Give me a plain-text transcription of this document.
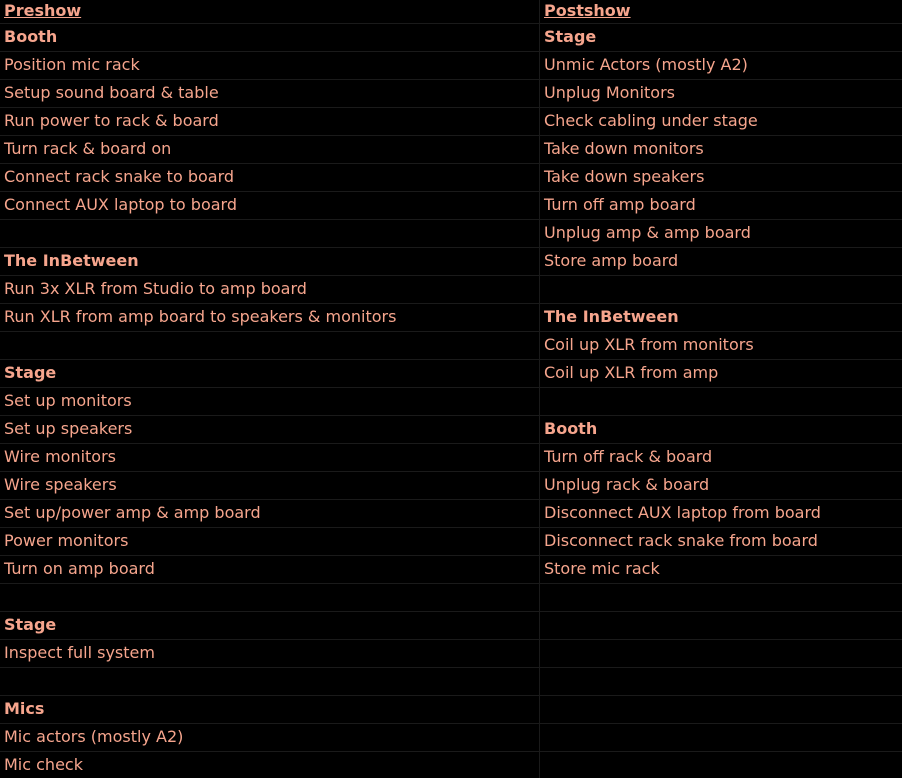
Preshow
Booth
Position mic rack
Setup sound board & table
Run power to rack & board
Turn rack & board on
Connect rack snake to board
Connect AUX laptop to board
The InBetween
Run 3x XLR from Studio to amp board
Run XLR from amp board to speakers & monitors
Stage
Set up monitors
Set up speakers
Wire monitors
Wire speakers
Set up/power amp & amp board
Power monitors
Turn on amp board
Stage
Inspect full system
Mics
Mic actors (mostly A2)
Mic check
Postshow
Stage
Unmic Actors (mostly A2)
Unplug Monitors
Check cabling under stage
Take down monitors
Take down speakers
Turn off amp board
Unplug amp & amp board
Store amp board
The InBetween
Coil up XLR from monitors
Coil up XLR from amp
Booth
Turn off rack & board
Unplug rack & board
Disconnect AUX laptop from board
Disconnect rack snake from board
Store mic rack
